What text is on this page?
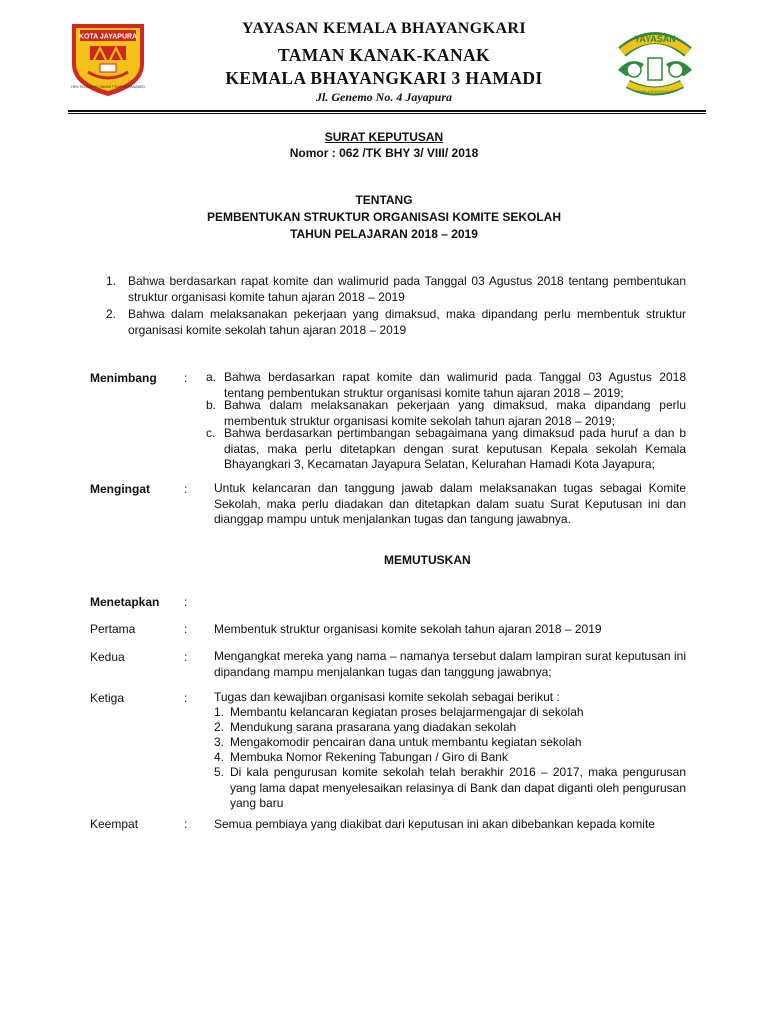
KOTA JAYAPURA
HEN TECAHI YO ONOMI T'MAR NI HANASED
YAYASAN KEMALA BHAYANGKARI
TAMAN KANAK-KANAK
KEMALA BHAYANGKARI 3 HAMADI
Jl. Genemo No. 4 Jayapura
YAYASAN
KEMALA BHAYANGKARI
SURAT KEPUTUSAN
Nomor : 062 /TK BHY 3/ VIII/ 2018
TENTANG
PEMBENTUKAN STRUKTUR ORGANISASI KOMITE SEKOLAH
TAHUN PELAJARAN 2018 – 2019
1. Bahwa berdasarkan rapat komite dan walimurid pada Tanggal 03 Agustus 2018 tentang pembentukan struktur organisasi komite tahun ajaran 2018 – 2019
2. Bahwa dalam melaksanakan pekerjaan yang dimaksud, maka dipandang perlu membentuk struktur organisasi komite sekolah tahun ajaran 2018 – 2019
Menimbang : a. Bahwa berdasarkan rapat komite dan walimurid pada Tanggal 03 Agustus 2018 tentang pembentukan struktur organisasi komite tahun ajaran 2018 – 2019;
b. Bahwa dalam melaksanakan pekerjaan yang dimaksud, maka dipandang perlu membentuk struktur organisasi komite sekolah tahun ajaran 2018 – 2019;
c. Bahwa berdasarkan pertimbangan sebagaimana yang dimaksud pada huruf a dan b diatas, maka perlu ditetapkan dengan surat keputusan Kepala sekolah Kemala Bhayangkari 3, Kecamatan Jayapura Selatan, Kelurahan Hamadi Kota Jayapura;
Mengingat	: Untuk kelancaran dan tanggung jawab dalam melaksanakan tugas sebagai Komite Sekolah, maka perlu diadakan dan ditetapkan dalam suatu Surat Keputusan ini dan dianggap mampu untuk menjalankan tugas dan tangung jawabnya.
MEMUTUSKAN
Menetapkan :
Pertama	: Membentuk struktur organisasi komite sekolah tahun ajaran 2018 – 2019
Kedua	: Mengangkat mereka yang nama – namanya tersebut dalam lampiran surat keputusan ini dipandang mampu menjalankan tugas dan tanggung jawabnya;
Ketiga	: Tugas dan kewajiban organisasi komite sekolah sebagai berikut :
1. Membantu kelancaran kegiatan proses belajarmengajar di sekolah
2. Mendukung sarana prasarana yang diadakan sekolah
3. Mengakomodir pencairan dana untuk membantu kegiatan sekolah
4. Membuka Nomor Rekening Tabungan / Giro di Bank
5. Di kala pengurusan komite sekolah telah berakhir 2016 – 2017, maka pengurusan yang lama dapat menyelesaikan relasinya di Bank dan dapat diganti oleh pengurusan yang baru
Keempat	: Semua pembiaya yang diakibat dari keputusan ini akan dibebankan kepada komite
